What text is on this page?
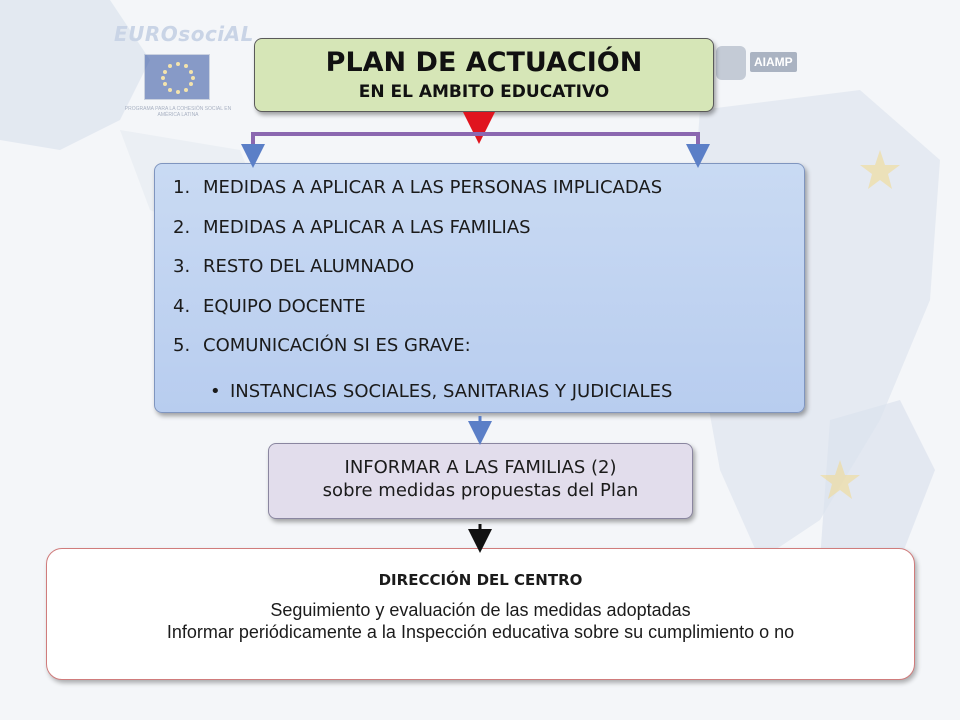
EUROsociAL
PROGRAMA PARA LA COHESIÓN SOCIAL EN AMÉRICA LATINA
AIAMP
PLAN DE ACTUACIÓN
EN EL AMBITO EDUCATIVO
1. MEDIDAS A APLICAR A LAS PERSONAS IMPLICADAS
2. MEDIDAS A APLICAR A LAS FAMILIAS
3. RESTO DEL ALUMNADO
4. EQUIPO DOCENTE
5. COMUNICACIÓN SI ES GRAVE:
• INSTANCIAS SOCIALES, SANITARIAS Y JUDICIALES
INFORMAR A LAS FAMILIAS (2)
sobre medidas propuestas del Plan
DIRECCIÓN DEL CENTRO
Seguimiento y evaluación de las medidas adoptadas
Informar periódicamente a la Inspección educativa sobre su cumplimiento o no
